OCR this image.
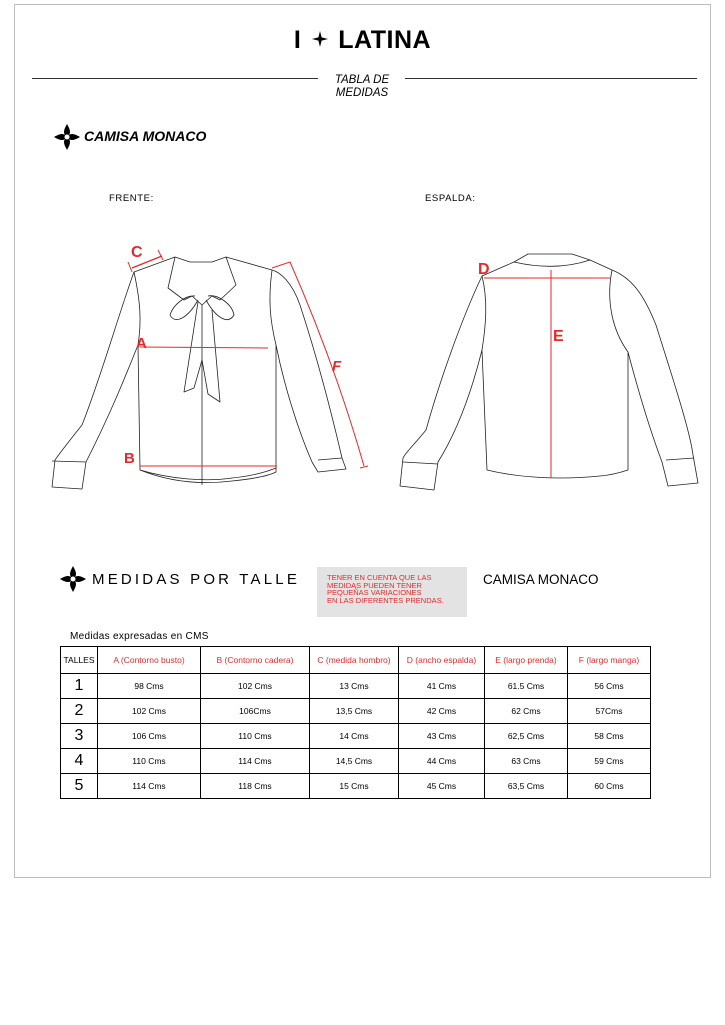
I LATINA
TABLA DE
MEDIDAS
CAMISA MONACO
FRENTE:	ESPALDA:
C
A
B
F
D
E
MEDIDAS POR TALLE	TENER EN CUENTA QUE LAS
MEDIDAS PUEDEN TENER
PEQUEÑAS VARIACIONES
EN LAS DIFERENTES PRENDAS.
CAMISA MONACO
Medidas expresadas en CMS
TALLES	A (Contorno busto)	B (Contorno cadera)	C (medida hombro)	D (ancho espalda)	E (largo prenda)	F (largo manga)
1	98 Cms	102 Cms	13 Cms	41 Cms	61.5 Cms	56 Cms
2	102 Cms	106Cms	13,5 Cms	42 Cms	62 Cms	57Cms
3	106 Cms	110 Cms	14 Cms	43 Cms	62,5 Cms	58 Cms
4	110 Cms	114 Cms	14,5 Cms	44 Cms	63 Cms	59 Cms
5	114 Cms	118 Cms	15 Cms	45 Cms	63,5 Cms	60 Cms
